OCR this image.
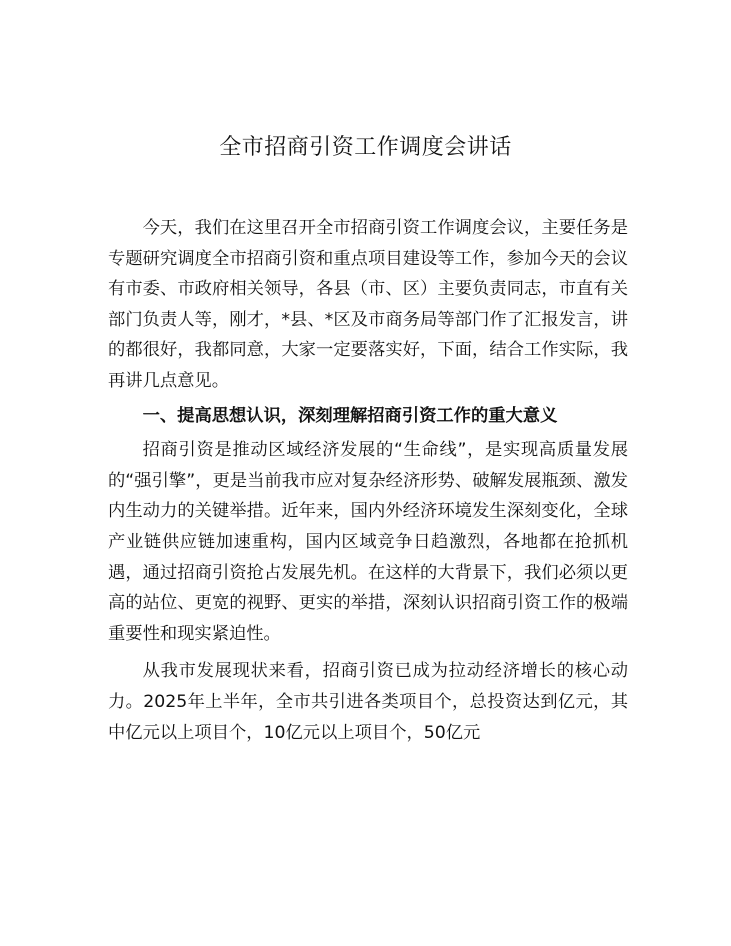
全市招商引资工作调度会讲话

今天，我们在这里召开全市招商引资工作调度会议，主要任务是专题研究调度全市招商引资和重点项目建设等工作，参加今天的会议有市委、市政府相关领导，各县（市、区）主要负责同志，市直有关部门负责人等，刚才，*县、*区及市商务局等部门作了汇报发言，讲的都很好，我都同意，大家一定要落实好，下面，结合工作实际，我再讲几点意见。

一、提高思想认识，深刻理解招商引资工作的重大意义

招商引资是推动区域经济发展的“生命线”，是实现高质量发展的“强引擎”，更是当前我市应对复杂经济形势、破解发展瓶颈、激发内生动力的关键举措。近年来，国内外经济环境发生深刻变化，全球产业链供应链加速重构，国内区域竞争日趋激烈，各地都在抢抓机遇，通过招商引资抢占发展先机。在这样的大背景下，我们必须以更高的站位、更宽的视野、更实的举措，深刻认识招商引资工作的极端重要性和现实紧迫性。

从我市发展现状来看，招商引资已成为拉动经济增长的核心动力。2025年上半年，全市共引进各类项目个，总投资达到亿元，其中亿元以上项目个，10亿元以上项目个，50亿元
